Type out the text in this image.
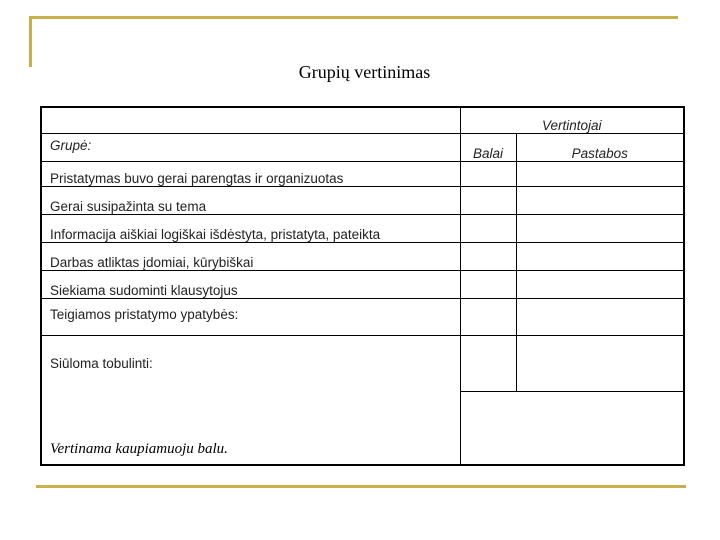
Grupių vertinimas
	Vertintojai	
Grupė:	Balai	Pastabos
Pristatymas buvo gerai parengtas ir organizuotas		
Gerai susipažinta su tema		
Informacija aiškiai logiškai išdėstyta, pristatyta, pateikta		
Darbas atliktas įdomiai, kūrybiškai		
Siekiama sudominti klausytojus		
Teigiamos pristatymo ypatybės:		
Siūloma tobulinti:		
Vertinama kaupiamuoju balu.		
